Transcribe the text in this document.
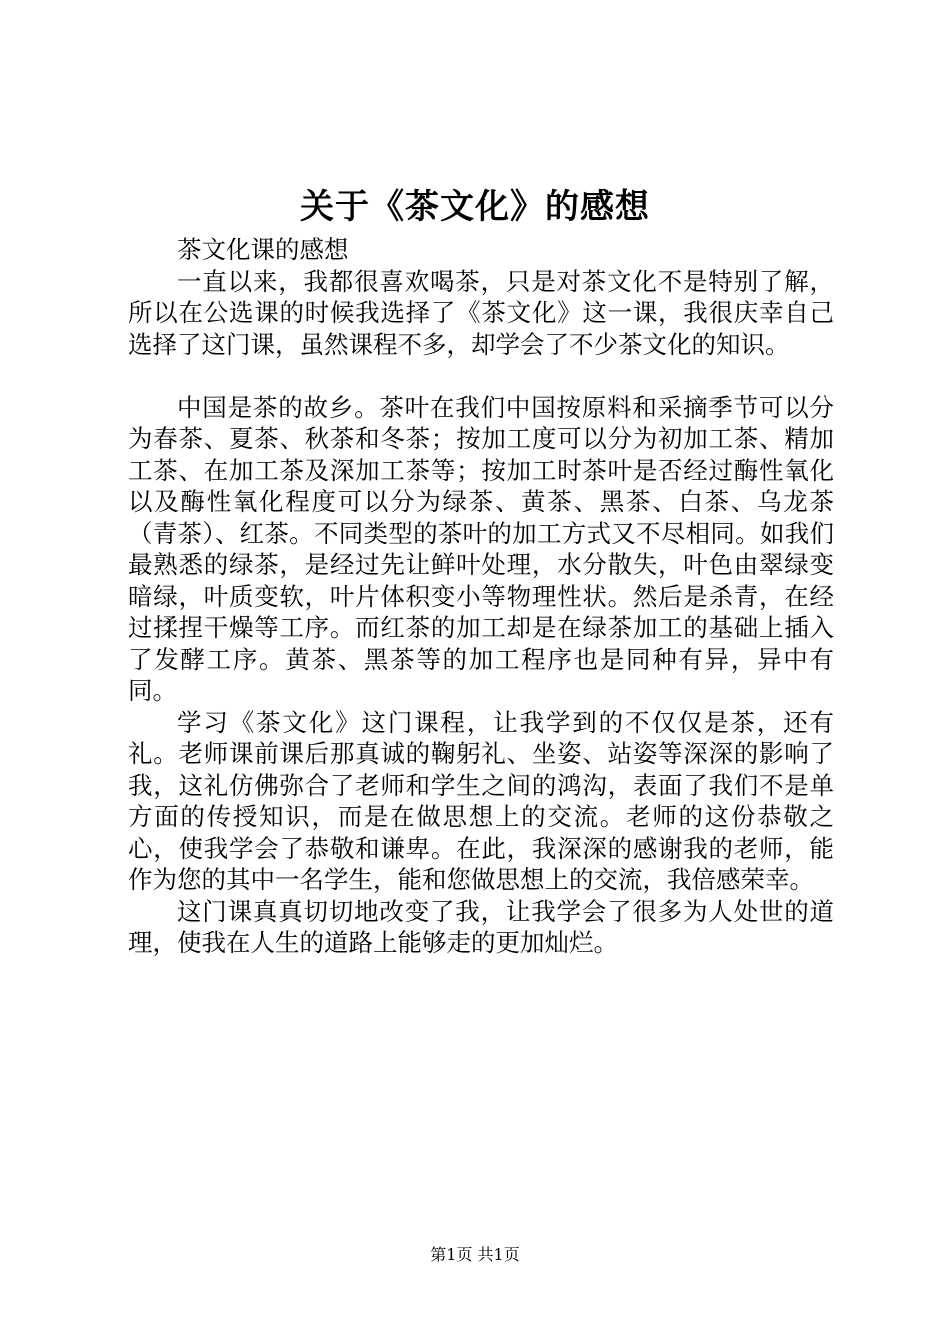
关于《茶文化》的感想

茶文化课的感想

一直以来，我都很喜欢喝茶，只是对茶文化不是特别了解，所以在公选课的时候我选择了《茶文化》这一课，我很庆幸自己选择了这门课，虽然课程不多，却学会了不少茶文化的知识。

中国是茶的故乡。茶叶在我们中国按原料和采摘季节可以分为春茶、夏茶、秋茶和冬茶；按加工度可以分为初加工茶、精加工茶、在加工茶及深加工茶等；按加工时茶叶是否经过酶性氧化以及酶性氧化程度可以分为绿茶、黄茶、黑茶、白茶、乌龙茶（青茶）、红茶。不同类型的茶叶的加工方式又不尽相同。如我们最熟悉的绿茶，是经过先让鲜叶处理，水分散失，叶色由翠绿变暗绿，叶质变软，叶片体积变小等物理性状。然后是杀青，在经过揉捏干燥等工序。而红茶的加工却是在绿茶加工的基础上插入了发酵工序。黄茶、黑茶等的加工程序也是同种有异，异中有同。

学习《茶文化》这门课程，让我学到的不仅仅是茶，还有礼。老师课前课后那真诚的鞠躬礼、坐姿、站姿等深深的影响了我，这礼仿佛弥合了老师和学生之间的鸿沟，表面了我们不是单方面的传授知识，而是在做思想上的交流。老师的这份恭敬之心，使我学会了恭敬和谦卑。在此，我深深的感谢我的老师，能作为您的其中一名学生，能和您做思想上的交流，我倍感荣幸。

这门课真真切切地改变了我，让我学会了很多为人处世的道理，使我在人生的道路上能够走的更加灿烂。

第1页 共1页
